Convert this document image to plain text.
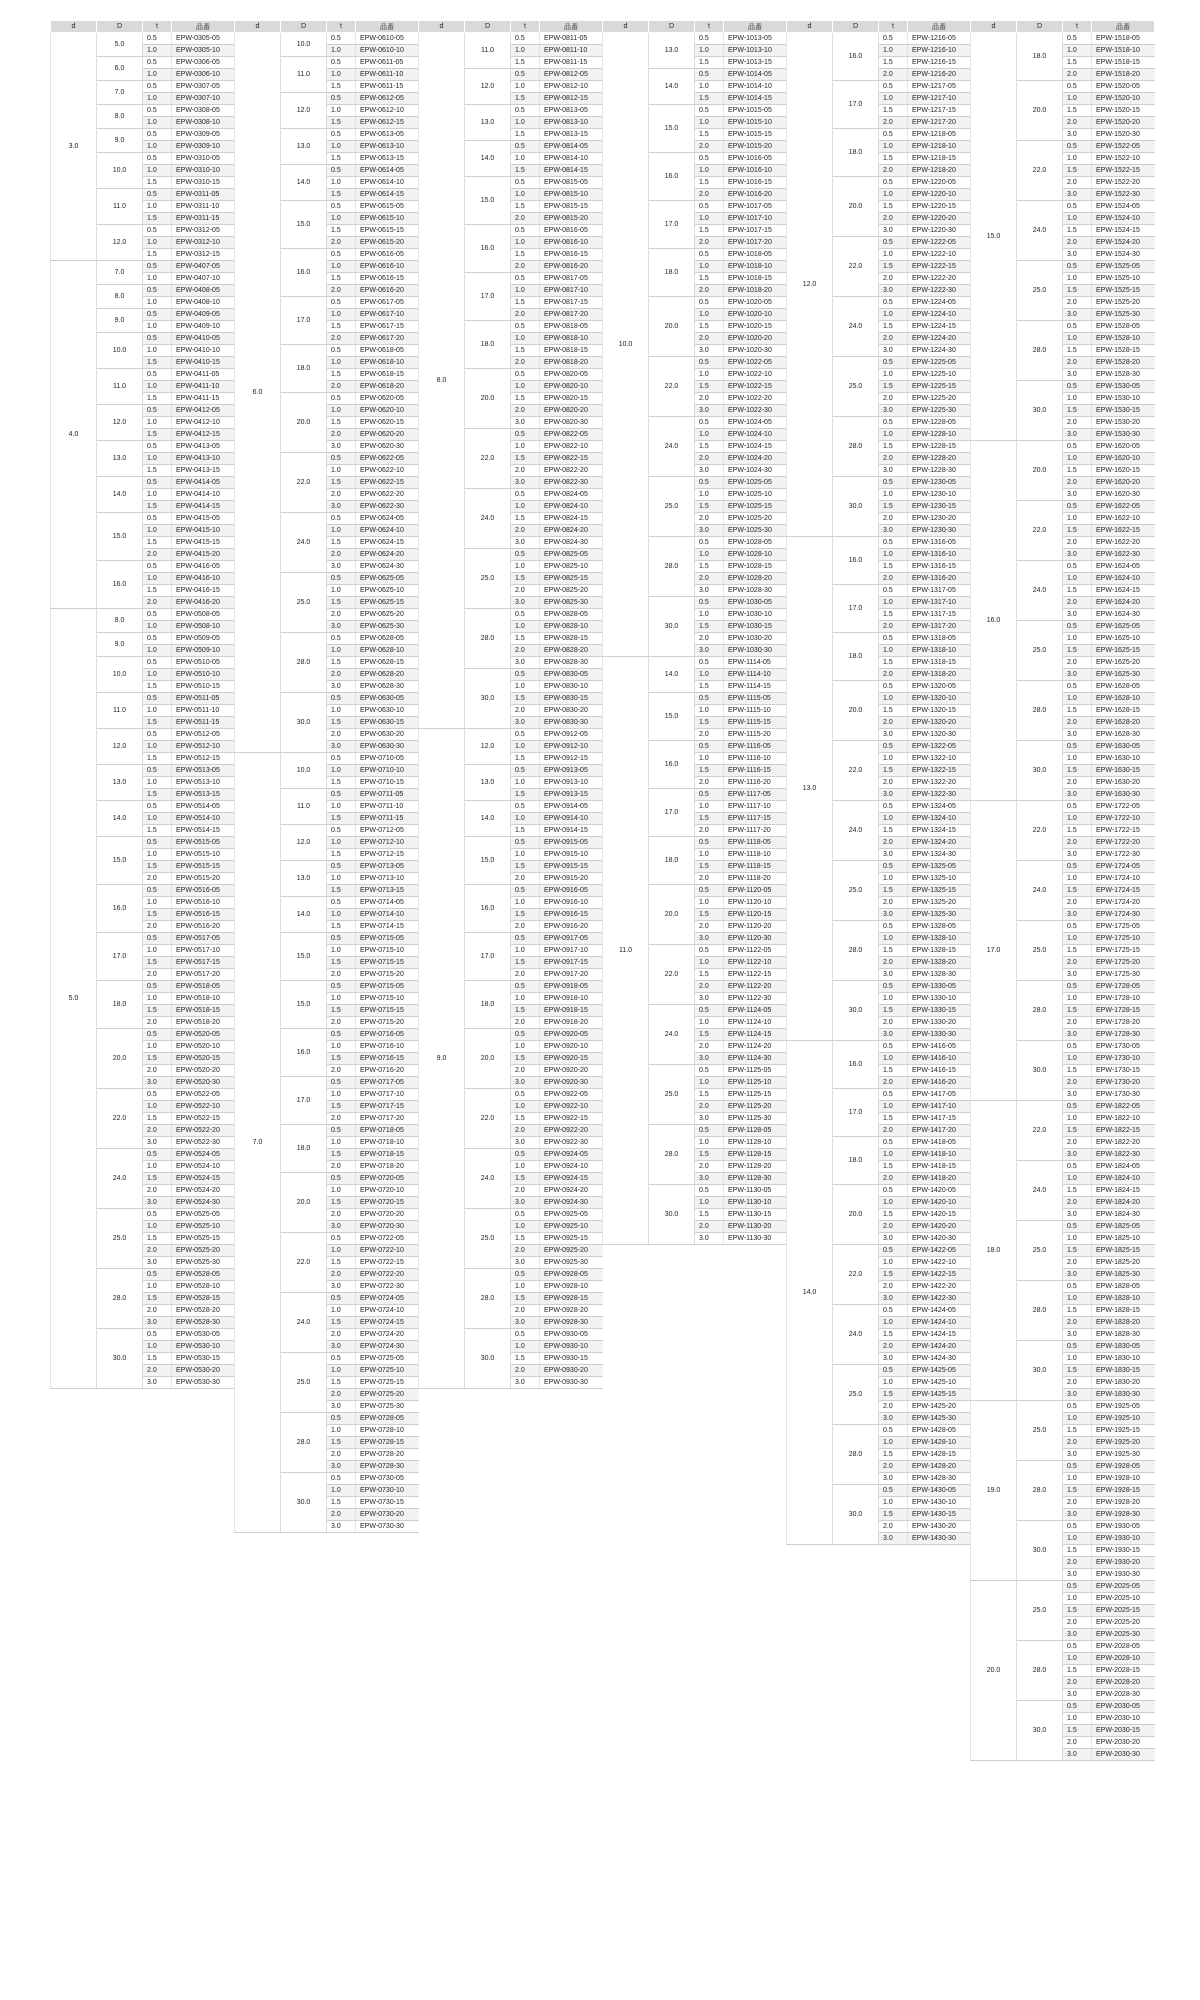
d	D	t	品番
3.0	5.0	0.5	EPW-0305-05
		1.0	EPW-0305-10
	6.0	0.5	EPW-0306-05
		1.0	EPW-0306-10
	7.0	0.5	EPW-0307-05
		1.0	EPW-0307-10
	8.0	0.5	EPW-0308-05
		1.0	EPW-0308-10
	9.0	0.5	EPW-0309-05
		1.0	EPW-0309-10
	10.0	0.5	EPW-0310-05
		1.0	EPW-0310-10
		1.5	EPW-0310-15
	11.0	0.5	EPW-0311-05
		1.0	EPW-0311-10
		1.5	EPW-0311-15
	12.0	0.5	EPW-0312-05
		1.0	EPW-0312-10
		1.5	EPW-0312-15
4.0	7.0	0.5	EPW-0407-05
		1.0	EPW-0407-10
	8.0	0.5	EPW-0408-05
		1.0	EPW-0408-10
	9.0	0.5	EPW-0409-05
		1.0	EPW-0409-10
	10.0	0.5	EPW-0410-05
		1.0	EPW-0410-10
		1.5	EPW-0410-15
	11.0	0.5	EPW-0411-05
		1.0	EPW-0411-10
		1.5	EPW-0411-15
	12.0	0.5	EPW-0412-05
		1.0	EPW-0412-10
		1.5	EPW-0412-15
	13.0	0.5	EPW-0413-05
		1.0	EPW-0413-10
		1.5	EPW-0413-15
	14.0	0.5	EPW-0414-05
		1.0	EPW-0414-10
		1.5	EPW-0414-15
	15.0	0.5	EPW-0415-05
		1.0	EPW-0415-10
		1.5	EPW-0415-15
		2.0	EPW-0415-20
	16.0	0.5	EPW-0416-05
		1.0	EPW-0416-10
		1.5	EPW-0416-15
		2.0	EPW-0416-20
5.0	8.0	0.5	EPW-0508-05
		1.0	EPW-0508-10
	9.0	0.5	EPW-0509-05
		1.0	EPW-0509-10
	10.0	0.5	EPW-0510-05
		1.0	EPW-0510-10
		1.5	EPW-0510-15
	11.0	0.5	EPW-0511-05
		1.0	EPW-0511-10
		1.5	EPW-0511-15
	12.0	0.5	EPW-0512-05
		1.0	EPW-0512-10
		1.5	EPW-0512-15
	13.0	0.5	EPW-0513-05
		1.0	EPW-0513-10
		1.5	EPW-0513-15
	14.0	0.5	EPW-0514-05
		1.0	EPW-0514-10
		1.5	EPW-0514-15
	15.0	0.5	EPW-0515-05
		1.0	EPW-0515-10
		1.5	EPW-0515-15
		2.0	EPW-0515-20
	16.0	0.5	EPW-0516-05
		1.0	EPW-0516-10
		1.5	EPW-0516-15
		2.0	EPW-0516-20
	17.0	0.5	EPW-0517-05
		1.0	EPW-0517-10
		1.5	EPW-0517-15
		2.0	EPW-0517-20
	18.0	0.5	EPW-0518-05
		1.0	EPW-0518-10
		1.5	EPW-0518-15
		2.0	EPW-0518-20
	20.0	0.5	EPW-0520-05
		1.0	EPW-0520-10
		1.5	EPW-0520-15
		2.0	EPW-0520-20
		3.0	EPW-0520-30
	22.0	0.5	EPW-0522-05
		1.0	EPW-0522-10
		1.5	EPW-0522-15
		2.0	EPW-0522-20
		3.0	EPW-0522-30
	24.0	0.5	EPW-0524-05
		1.0	EPW-0524-10
		1.5	EPW-0524-15
		2.0	EPW-0524-20
		3.0	EPW-0524-30
	25.0	0.5	EPW-0525-05
		1.0	EPW-0525-10
		1.5	EPW-0525-15
		2.0	EPW-0525-20
		3.0	EPW-0525-30
	28.0	0.5	EPW-0528-05
		1.0	EPW-0528-10
		1.5	EPW-0528-15
		2.0	EPW-0528-20
		3.0	EPW-0528-30
	30.0	0.5	EPW-0530-05
		1.0	EPW-0530-10
		1.5	EPW-0530-15
		2.0	EPW-0530-20
		3.0	EPW-0530-30
d	D	t	品番
6.0	10.0	0.5	EPW-0610-05
		1.0	EPW-0610-10
	11.0	0.5	EPW-0611-05
		1.0	EPW-0611-10
		1.5	EPW-0611-15
	12.0	0.5	EPW-0612-05
		1.0	EPW-0612-10
		1.5	EPW-0612-15
	13.0	0.5	EPW-0613-05
		1.0	EPW-0613-10
		1.5	EPW-0613-15
	14.0	0.5	EPW-0614-05
		1.0	EPW-0614-10
		1.5	EPW-0614-15
	15.0	0.5	EPW-0615-05
		1.0	EPW-0615-10
		1.5	EPW-0615-15
		2.0	EPW-0615-20
	16.0	0.5	EPW-0616-05
		1.0	EPW-0616-10
		1.5	EPW-0616-15
		2.0	EPW-0616-20
	17.0	0.5	EPW-0617-05
		1.0	EPW-0617-10
		1.5	EPW-0617-15
		2.0	EPW-0617-20
	18.0	0.5	EPW-0618-05
		1.0	EPW-0618-10
		1.5	EPW-0618-15
		2.0	EPW-0618-20
	20.0	0.5	EPW-0620-05
		1.0	EPW-0620-10
		1.5	EPW-0620-15
		2.0	EPW-0620-20
		3.0	EPW-0620-30
	22.0	0.5	EPW-0622-05
		1.0	EPW-0622-10
		1.5	EPW-0622-15
		2.0	EPW-0622-20
		3.0	EPW-0622-30
	24.0	0.5	EPW-0624-05
		1.0	EPW-0624-10
		1.5	EPW-0624-15
		2.0	EPW-0624-20
		3.0	EPW-0624-30
	25.0	0.5	EPW-0625-05
		1.0	EPW-0625-10
		1.5	EPW-0625-15
		2.0	EPW-0625-20
		3.0	EPW-0625-30
	28.0	0.5	EPW-0628-05
		1.0	EPW-0628-10
		1.5	EPW-0628-15
		2.0	EPW-0628-20
		3.0	EPW-0628-30
	30.0	0.5	EPW-0630-05
		1.0	EPW-0630-10
		1.5	EPW-0630-15
		2.0	EPW-0630-20
		3.0	EPW-0630-30
7.0	10.0	0.5	EPW-0710-05
		1.0	EPW-0710-10
		1.5	EPW-0710-15
	11.0	0.5	EPW-0711-05
		1.0	EPW-0711-10
		1.5	EPW-0711-15
	12.0	0.5	EPW-0712-05
		1.0	EPW-0712-10
		1.5	EPW-0712-15
	13.0	0.5	EPW-0713-05
		1.0	EPW-0713-10
		1.5	EPW-0713-15
	14.0	0.5	EPW-0714-05
		1.0	EPW-0714-10
		1.5	EPW-0714-15
	15.0	0.5	EPW-0715-05
		1.0	EPW-0715-10
		1.5	EPW-0715-15
		2.0	EPW-0715-20
	15.0	0.5	EPW-0715-05
		1.0	EPW-0715-10
		1.5	EPW-0715-15
		2.0	EPW-0715-20
	16.0	0.5	EPW-0716-05
		1.0	EPW-0716-10
		1.5	EPW-0716-15
		2.0	EPW-0716-20
	17.0	0.5	EPW-0717-05
		1.0	EPW-0717-10
		1.5	EPW-0717-15
		2.0	EPW-0717-20
	18.0	0.5	EPW-0718-05
		1.0	EPW-0718-10
		1.5	EPW-0718-15
		2.0	EPW-0718-20
	20.0	0.5	EPW-0720-05
		1.0	EPW-0720-10
		1.5	EPW-0720-15
		2.0	EPW-0720-20
		3.0	EPW-0720-30
	22.0	0.5	EPW-0722-05
		1.0	EPW-0722-10
		1.5	EPW-0722-15
		2.0	EPW-0722-20
		3.0	EPW-0722-30
	24.0	0.5	EPW-0724-05
		1.0	EPW-0724-10
		1.5	EPW-0724-15
		2.0	EPW-0724-20
		3.0	EPW-0724-30
	25.0	0.5	EPW-0725-05
		1.0	EPW-0725-10
		1.5	EPW-0725-15
		2.0	EPW-0725-20
		3.0	EPW-0725-30
	28.0	0.5	EPW-0728-05
		1.0	EPW-0728-10
		1.5	EPW-0728-15
		2.0	EPW-0728-20
		3.0	EPW-0728-30
	30.0	0.5	EPW-0730-05
		1.0	EPW-0730-10
		1.5	EPW-0730-15
		2.0	EPW-0730-20
		3.0	EPW-0730-30
d	D	t	品番
8.0	11.0	0.5	EPW-0811-05
		1.0	EPW-0811-10
		1.5	EPW-0811-15
	12.0	0.5	EPW-0812-05
		1.0	EPW-0812-10
		1.5	EPW-0812-15
	13.0	0.5	EPW-0813-05
		1.0	EPW-0813-10
		1.5	EPW-0813-15
	14.0	0.5	EPW-0814-05
		1.0	EPW-0814-10
		1.5	EPW-0814-15
	15.0	0.5	EPW-0815-05
		1.0	EPW-0815-10
		1.5	EPW-0815-15
		2.0	EPW-0815-20
	16.0	0.5	EPW-0816-05
		1.0	EPW-0816-10
		1.5	EPW-0816-15
		2.0	EPW-0816-20
	17.0	0.5	EPW-0817-05
		1.0	EPW-0817-10
		1.5	EPW-0817-15
		2.0	EPW-0817-20
	18.0	0.5	EPW-0818-05
		1.0	EPW-0818-10
		1.5	EPW-0818-15
		2.0	EPW-0818-20
	20.0	0.5	EPW-0820-05
		1.0	EPW-0820-10
		1.5	EPW-0820-15
		2.0	EPW-0820-20
		3.0	EPW-0820-30
	22.0	0.5	EPW-0822-05
		1.0	EPW-0822-10
		1.5	EPW-0822-15
		2.0	EPW-0822-20
		3.0	EPW-0822-30
	24.0	0.5	EPW-0824-05
		1.0	EPW-0824-10
		1.5	EPW-0824-15
		2.0	EPW-0824-20
		3.0	EPW-0824-30
	25.0	0.5	EPW-0825-05
		1.0	EPW-0825-10
		1.5	EPW-0825-15
		2.0	EPW-0825-20
		3.0	EPW-0825-30
	28.0	0.5	EPW-0828-05
		1.0	EPW-0828-10
		1.5	EPW-0828-15
		2.0	EPW-0828-20
		3.0	EPW-0828-30
	30.0	0.5	EPW-0830-05
		1.0	EPW-0830-10
		1.5	EPW-0830-15
		2.0	EPW-0830-20
		3.0	EPW-0830-30
9.0	12.0	0.5	EPW-0912-05
		1.0	EPW-0912-10
		1.5	EPW-0912-15
	13.0	0.5	EPW-0913-05
		1.0	EPW-0913-10
		1.5	EPW-0913-15
	14.0	0.5	EPW-0914-05
		1.0	EPW-0914-10
		1.5	EPW-0914-15
	15.0	0.5	EPW-0915-05
		1.0	EPW-0915-10
		1.5	EPW-0915-15
		2.0	EPW-0915-20
	16.0	0.5	EPW-0916-05
		1.0	EPW-0916-10
		1.5	EPW-0916-15
		2.0	EPW-0916-20
	17.0	0.5	EPW-0917-05
		1.0	EPW-0917-10
		1.5	EPW-0917-15
		2.0	EPW-0917-20
	18.0	0.5	EPW-0918-05
		1.0	EPW-0918-10
		1.5	EPW-0918-15
		2.0	EPW-0918-20
	20.0	0.5	EPW-0920-05
		1.0	EPW-0920-10
		1.5	EPW-0920-15
		2.0	EPW-0920-20
		3.0	EPW-0920-30
	22.0	0.5	EPW-0922-05
		1.0	EPW-0922-10
		1.5	EPW-0922-15
		2.0	EPW-0922-20
		3.0	EPW-0922-30
	24.0	0.5	EPW-0924-05
		1.0	EPW-0924-10
		1.5	EPW-0924-15
		2.0	EPW-0924-20
		3.0	EPW-0924-30
	25.0	0.5	EPW-0925-05
		1.0	EPW-0925-10
		1.5	EPW-0925-15
		2.0	EPW-0925-20
		3.0	EPW-0925-30
	28.0	0.5	EPW-0928-05
		1.0	EPW-0928-10
		1.5	EPW-0928-15
		2.0	EPW-0928-20
		3.0	EPW-0928-30
	30.0	0.5	EPW-0930-05
		1.0	EPW-0930-10
		1.5	EPW-0930-15
		2.0	EPW-0930-20
		3.0	EPW-0930-30
d	D	t	品番
10.0	13.0	0.5	EPW-1013-05
		1.0	EPW-1013-10
		1.5	EPW-1013-15
	14.0	0.5	EPW-1014-05
		1.0	EPW-1014-10
		1.5	EPW-1014-15
	15.0	0.5	EPW-1015-05
		1.0	EPW-1015-10
		1.5	EPW-1015-15
		2.0	EPW-1015-20
	16.0	0.5	EPW-1016-05
		1.0	EPW-1016-10
		1.5	EPW-1016-15
		2.0	EPW-1016-20
	17.0	0.5	EPW-1017-05
		1.0	EPW-1017-10
		1.5	EPW-1017-15
		2.0	EPW-1017-20
	18.0	0.5	EPW-1018-05
		1.0	EPW-1018-10
		1.5	EPW-1018-15
		2.0	EPW-1018-20
	20.0	0.5	EPW-1020-05
		1.0	EPW-1020-10
		1.5	EPW-1020-15
		2.0	EPW-1020-20
		3.0	EPW-1020-30
	22.0	0.5	EPW-1022-05
		1.0	EPW-1022-10
		1.5	EPW-1022-15
		2.0	EPW-1022-20
		3.0	EPW-1022-30
	24.0	0.5	EPW-1024-05
		1.0	EPW-1024-10
		1.5	EPW-1024-15
		2.0	EPW-1024-20
		3.0	EPW-1024-30
	25.0	0.5	EPW-1025-05
		1.0	EPW-1025-10
		1.5	EPW-1025-15
		2.0	EPW-1025-20
		3.0	EPW-1025-30
	28.0	0.5	EPW-1028-05
		1.0	EPW-1028-10
		1.5	EPW-1028-15
		2.0	EPW-1028-20
		3.0	EPW-1028-30
	30.0	0.5	EPW-1030-05
		1.0	EPW-1030-10
		1.5	EPW-1030-15
		2.0	EPW-1030-20
		3.0	EPW-1030-30
11.0	14.0	0.5	EPW-1114-05
		1.0	EPW-1114-10
		1.5	EPW-1114-15
	15.0	0.5	EPW-1115-05
		1.0	EPW-1115-10
		1.5	EPW-1115-15
		2.0	EPW-1115-20
	16.0	0.5	EPW-1116-05
		1.0	EPW-1116-10
		1.5	EPW-1116-15
		2.0	EPW-1116-20
	17.0	0.5	EPW-1117-05
		1.0	EPW-1117-10
		1.5	EPW-1117-15
		2.0	EPW-1117-20
	18.0	0.5	EPW-1118-05
		1.0	EPW-1118-10
		1.5	EPW-1118-15
		2.0	EPW-1118-20
	20.0	0.5	EPW-1120-05
		1.0	EPW-1120-10
		1.5	EPW-1120-15
		2.0	EPW-1120-20
		3.0	EPW-1120-30
	22.0	0.5	EPW-1122-05
		1.0	EPW-1122-10
		1.5	EPW-1122-15
		2.0	EPW-1122-20
		3.0	EPW-1122-30
	24.0	0.5	EPW-1124-05
		1.0	EPW-1124-10
		1.5	EPW-1124-15
		2.0	EPW-1124-20
		3.0	EPW-1124-30
	25.0	0.5	EPW-1125-05
		1.0	EPW-1125-10
		1.5	EPW-1125-15
		2.0	EPW-1125-20
		3.0	EPW-1125-30
	28.0	0.5	EPW-1128-05
		1.0	EPW-1128-10
		1.5	EPW-1128-15
		2.0	EPW-1128-20
		3.0	EPW-1128-30
	30.0	0.5	EPW-1130-05
		1.0	EPW-1130-10
		1.5	EPW-1130-15
		2.0	EPW-1130-20
		3.0	EPW-1130-30
d	D	t	品番
12.0	16.0	0.5	EPW-1216-05
		1.0	EPW-1216-10
		1.5	EPW-1216-15
		2.0	EPW-1216-20
	17.0	0.5	EPW-1217-05
		1.0	EPW-1217-10
		1.5	EPW-1217-15
		2.0	EPW-1217-20
	18.0	0.5	EPW-1218-05
		1.0	EPW-1218-10
		1.5	EPW-1218-15
		2.0	EPW-1218-20
	20.0	0.5	EPW-1220-05
		1.0	EPW-1220-10
		1.5	EPW-1220-15
		2.0	EPW-1220-20
		3.0	EPW-1220-30
	22.0	0.5	EPW-1222-05
		1.0	EPW-1222-10
		1.5	EPW-1222-15
		2.0	EPW-1222-20
		3.0	EPW-1222-30
	24.0	0.5	EPW-1224-05
		1.0	EPW-1224-10
		1.5	EPW-1224-15
		2.0	EPW-1224-20
		3.0	EPW-1224-30
	25.0	0.5	EPW-1225-05
		1.0	EPW-1225-10
		1.5	EPW-1225-15
		2.0	EPW-1225-20
		3.0	EPW-1225-30
	28.0	0.5	EPW-1228-05
		1.0	EPW-1228-10
		1.5	EPW-1228-15
		2.0	EPW-1228-20
		3.0	EPW-1228-30
	30.0	0.5	EPW-1230-05
		1.0	EPW-1230-10
		1.5	EPW-1230-15
		2.0	EPW-1230-20
		3.0	EPW-1230-30
13.0	16.0	0.5	EPW-1316-05
		1.0	EPW-1316-10
		1.5	EPW-1316-15
		2.0	EPW-1316-20
	17.0	0.5	EPW-1317-05
		1.0	EPW-1317-10
		1.5	EPW-1317-15
		2.0	EPW-1317-20
	18.0	0.5	EPW-1318-05
		1.0	EPW-1318-10
		1.5	EPW-1318-15
		2.0	EPW-1318-20
	20.0	0.5	EPW-1320-05
		1.0	EPW-1320-10
		1.5	EPW-1320-15
		2.0	EPW-1320-20
		3.0	EPW-1320-30
	22.0	0.5	EPW-1322-05
		1.0	EPW-1322-10
		1.5	EPW-1322-15
		2.0	EPW-1322-20
		3.0	EPW-1322-30
	24.0	0.5	EPW-1324-05
		1.0	EPW-1324-10
		1.5	EPW-1324-15
		2.0	EPW-1324-20
		3.0	EPW-1324-30
	25.0	0.5	EPW-1325-05
		1.0	EPW-1325-10
		1.5	EPW-1325-15
		2.0	EPW-1325-20
		3.0	EPW-1325-30
	28.0	0.5	EPW-1328-05
		1.0	EPW-1328-10
		1.5	EPW-1328-15
		2.0	EPW-1328-20
		3.0	EPW-1328-30
	30.0	0.5	EPW-1330-05
		1.0	EPW-1330-10
		1.5	EPW-1330-15
		2.0	EPW-1330-20
		3.0	EPW-1330-30
14.0	16.0	0.5	EPW-1416-05
		1.0	EPW-1416-10
		1.5	EPW-1416-15
		2.0	EPW-1416-20
	17.0	0.5	EPW-1417-05
		1.0	EPW-1417-10
		1.5	EPW-1417-15
		2.0	EPW-1417-20
	18.0	0.5	EPW-1418-05
		1.0	EPW-1418-10
		1.5	EPW-1418-15
		2.0	EPW-1418-20
	20.0	0.5	EPW-1420-05
		1.0	EPW-1420-10
		1.5	EPW-1420-15
		2.0	EPW-1420-20
		3.0	EPW-1420-30
	22.0	0.5	EPW-1422-05
		1.0	EPW-1422-10
		1.5	EPW-1422-15
		2.0	EPW-1422-20
		3.0	EPW-1422-30
	24.0	0.5	EPW-1424-05
		1.0	EPW-1424-10
		1.5	EPW-1424-15
		2.0	EPW-1424-20
		3.0	EPW-1424-30
	25.0	0.5	EPW-1425-05
		1.0	EPW-1425-10
		1.5	EPW-1425-15
		2.0	EPW-1425-20
		3.0	EPW-1425-30
	28.0	0.5	EPW-1428-05
		1.0	EPW-1428-10
		1.5	EPW-1428-15
		2.0	EPW-1428-20
		3.0	EPW-1428-30
	30.0	0.5	EPW-1430-05
		1.0	EPW-1430-10
		1.5	EPW-1430-15
		2.0	EPW-1430-20
		3.0	EPW-1430-30
d	D	t	品番
15.0	18.0	0.5	EPW-1518-05
		1.0	EPW-1518-10
		1.5	EPW-1518-15
		2.0	EPW-1518-20
	20.0	0.5	EPW-1520-05
		1.0	EPW-1520-10
		1.5	EPW-1520-15
		2.0	EPW-1520-20
		3.0	EPW-1520-30
	22.0	0.5	EPW-1522-05
		1.0	EPW-1522-10
		1.5	EPW-1522-15
		2.0	EPW-1522-20
		3.0	EPW-1522-30
	24.0	0.5	EPW-1524-05
		1.0	EPW-1524-10
		1.5	EPW-1524-15
		2.0	EPW-1524-20
		3.0	EPW-1524-30
	25.0	0.5	EPW-1525-05
		1.0	EPW-1525-10
		1.5	EPW-1525-15
		2.0	EPW-1525-20
		3.0	EPW-1525-30
	28.0	0.5	EPW-1528-05
		1.0	EPW-1528-10
		1.5	EPW-1528-15
		2.0	EPW-1528-20
		3.0	EPW-1528-30
	30.0	0.5	EPW-1530-05
		1.0	EPW-1530-10
		1.5	EPW-1530-15
		2.0	EPW-1530-20
		3.0	EPW-1530-30
16.0	20.0	0.5	EPW-1620-05
		1.0	EPW-1620-10
		1.5	EPW-1620-15
		2.0	EPW-1620-20
		3.0	EPW-1620-30
	22.0	0.5	EPW-1622-05
		1.0	EPW-1622-10
		1.5	EPW-1622-15
		2.0	EPW-1622-20
		3.0	EPW-1622-30
	24.0	0.5	EPW-1624-05
		1.0	EPW-1624-10
		1.5	EPW-1624-15
		2.0	EPW-1624-20
		3.0	EPW-1624-30
	25.0	0.5	EPW-1625-05
		1.0	EPW-1625-10
		1.5	EPW-1625-15
		2.0	EPW-1625-20
		3.0	EPW-1625-30
	28.0	0.5	EPW-1628-05
		1.0	EPW-1628-10
		1.5	EPW-1628-15
		2.0	EPW-1628-20
		3.0	EPW-1628-30
	30.0	0.5	EPW-1630-05
		1.0	EPW-1630-10
		1.5	EPW-1630-15
		2.0	EPW-1630-20
		3.0	EPW-1630-30
17.0	22.0	0.5	EPW-1722-05
		1.0	EPW-1722-10
		1.5	EPW-1722-15
		2.0	EPW-1722-20
		3.0	EPW-1722-30
	24.0	0.5	EPW-1724-05
		1.0	EPW-1724-10
		1.5	EPW-1724-15
		2.0	EPW-1724-20
		3.0	EPW-1724-30
	25.0	0.5	EPW-1725-05
		1.0	EPW-1725-10
		1.5	EPW-1725-15
		2.0	EPW-1725-20
		3.0	EPW-1725-30
	28.0	0.5	EPW-1728-05
		1.0	EPW-1728-10
		1.5	EPW-1728-15
		2.0	EPW-1728-20
		3.0	EPW-1728-30
	30.0	0.5	EPW-1730-05
		1.0	EPW-1730-10
		1.5	EPW-1730-15
		2.0	EPW-1730-20
		3.0	EPW-1730-30
18.0	22.0	0.5	EPW-1822-05
		1.0	EPW-1822-10
		1.5	EPW-1822-15
		2.0	EPW-1822-20
		3.0	EPW-1822-30
	24.0	0.5	EPW-1824-05
		1.0	EPW-1824-10
		1.5	EPW-1824-15
		2.0	EPW-1824-20
		3.0	EPW-1824-30
	25.0	0.5	EPW-1825-05
		1.0	EPW-1825-10
		1.5	EPW-1825-15
		2.0	EPW-1825-20
		3.0	EPW-1825-30
	28.0	0.5	EPW-1828-05
		1.0	EPW-1828-10
		1.5	EPW-1828-15
		2.0	EPW-1828-20
		3.0	EPW-1828-30
	30.0	0.5	EPW-1830-05
		1.0	EPW-1830-10
		1.5	EPW-1830-15
		2.0	EPW-1830-20
		3.0	EPW-1830-30
19.0	25.0	0.5	EPW-1925-05
		1.0	EPW-1925-10
		1.5	EPW-1925-15
		2.0	EPW-1925-20
		3.0	EPW-1925-30
	28.0	0.5	EPW-1928-05
		1.0	EPW-1928-10
		1.5	EPW-1928-15
		2.0	EPW-1928-20
		3.0	EPW-1928-30
	30.0	0.5	EPW-1930-05
		1.0	EPW-1930-10
		1.5	EPW-1930-15
		2.0	EPW-1930-20
		3.0	EPW-1930-30
20.0	25.0	0.5	EPW-2025-05
		1.0	EPW-2025-10
		1.5	EPW-2025-15
		2.0	EPW-2025-20
		3.0	EPW-2025-30
	28.0	0.5	EPW-2028-05
		1.0	EPW-2028-10
		1.5	EPW-2028-15
		2.0	EPW-2028-20
		3.0	EPW-2028-30
	30.0	0.5	EPW-2030-05
		1.0	EPW-2030-10
		1.5	EPW-2030-15
		2.0	EPW-2030-20
		3.0	EPW-2030-30
